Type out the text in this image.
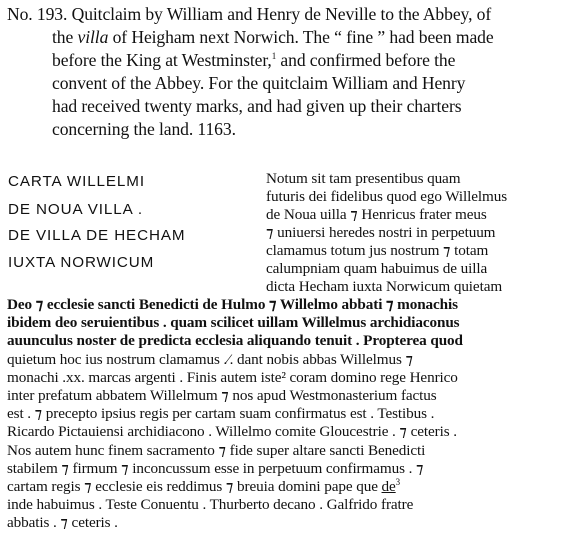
No. 193. Quitclaim by William and Henry de Neville to the Abbey, of
the villa of Heigham next Norwich. The “ fine ” had been made
before the King at Westminster,$^1$ and confirmed before the
convent of the Abbey. For the quitclaim William and Henry
had received twenty marks, and had given up their charters
concerning the land. 1163.
CARTA WILLELMI
DE NOUA VILLA .
DE VILLA DE HECHAM
IUXTA NORWICUM
Notum sit tam presentibus quam
futuris dei fidelibus quod ego Willelmus
de Noua uilla ⁊ Henricus frater meus
⁊ uniuersi heredes nostri in perpetuum
clamamus totum jus nostrum ⁊ totam
calumpniam quam habuimus de uilla
dicta Hecham iuxta Norwicum quietam
Deo ⁊ ecclesie sancti Benedicti de Hulmo ⁊ Willelmo abbati ⁊ monachis
ibidem deo seruientibus . quam scilicet uillam Willelmus archidiaconus
auunculus noster de predicta ecclesia aliquando tenuit . Propterea quod
quietum hoc ius nostrum clamamus .⁄. dant nobis abbas Willelmus ⁊
monachi .xx. marcas argenti . Finis autem iste² coram domino rege Henrico
inter prefatum abbatem Willelmum ⁊ nos apud Westmonasterium factus
est . ⁊ precepto ipsius regis per cartam suam confirmatus est . Testibus .
Ricardo Pictauiensi archidiacono . Willelmo comite Gloucestrie . ⁊ ceteris .
Nos autem hunc finem sacramento ⁊ fide super altare sancti Benedicti
stabilem ⁊ firmum ⁊ inconcussum esse in perpetuum confirmamus . ⁊
cartam regis ⁊ ecclesie eis reddimus ⁊ breuia domini pape que $de^3$
inde habuimus . Teste Conuentu . Thurberto decano . Galfrido fratre
abbatis . ⁊ ceteris .
